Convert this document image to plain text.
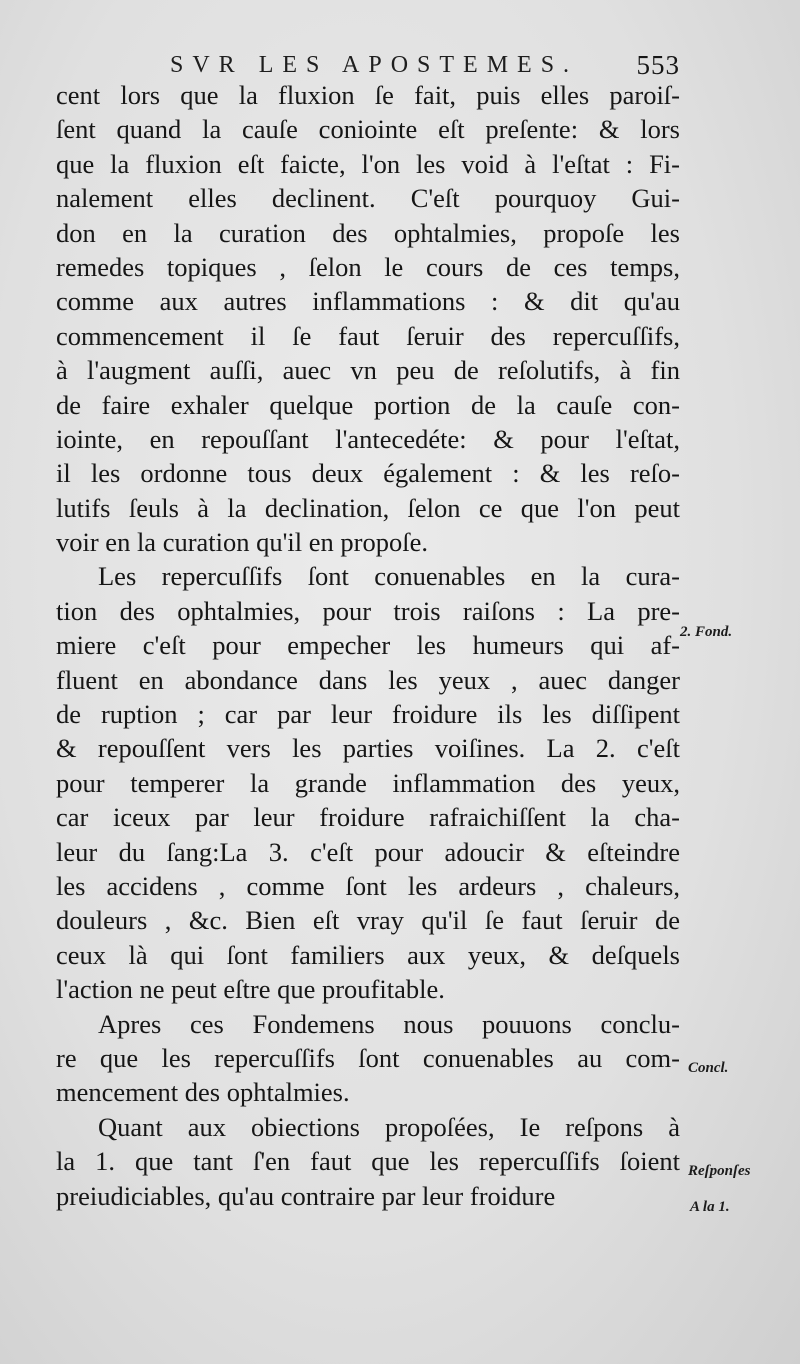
SVR LES APOSTEMES. 553
cent lors que la fluxion ſe fait, puis elles paroiſ-
ſent quand la cauſe coniointe eſt preſente: & lors
que la fluxion eſt faicte, l'on les void à l'eſtat : Fi-
nalement elles declinent. C'eſt pourquoy Gui-
don en la curation des ophtalmies, propoſe les
remedes topiques , ſelon le cours de ces temps,
comme aux autres inflammations : & dit qu'au
commencement il ſe faut ſeruir des repercuſſifs,
à l'augment auſſi, auec vn peu de reſolutifs, à fin
de faire exhaler quelque portion de la cauſe con-
iointe, en repouſſant l'antecedéte: & pour l'eſtat,
il les ordonne tous deux également : & les reſo-
lutifs ſeuls à la declination, ſelon ce que l'on peut
voir en la curation qu'il en propoſe.
Les repercuſſifs ſont conuenables en la cura-
tion des ophtalmies, pour trois raiſons : La pre-
miere c'eſt pour empecher les humeurs qui af-
fluent en abondance dans les yeux , auec danger
de ruption ; car par leur froidure ils les diſſipent
& repouſſent vers les parties voiſines. La 2. c'eſt
pour temperer la grande inflammation des yeux,
car iceux par leur froidure rafraichiſſent la cha-
leur du ſang:La 3. c'eſt pour adoucir & eſteindre
les accidens , comme ſont les ardeurs , chaleurs,
douleurs , &c. Bien eſt vray qu'il ſe faut ſeruir de
ceux là qui ſont familiers aux yeux, & deſquels
l'action ne peut eſtre que proufitable.
Apres ces Fondemens nous pouuons conclu-
re que les repercuſſifs ſont conuenables au com-
mencement des ophtalmies.
Quant aux obiections propoſées, Ie reſpons à
la 1. que tant ſ'en faut que les repercuſſifs ſoient
preiudiciables, qu'au contraire par leur froidure
2. Fond.
Concl.
Reſponſes
A la 1.
